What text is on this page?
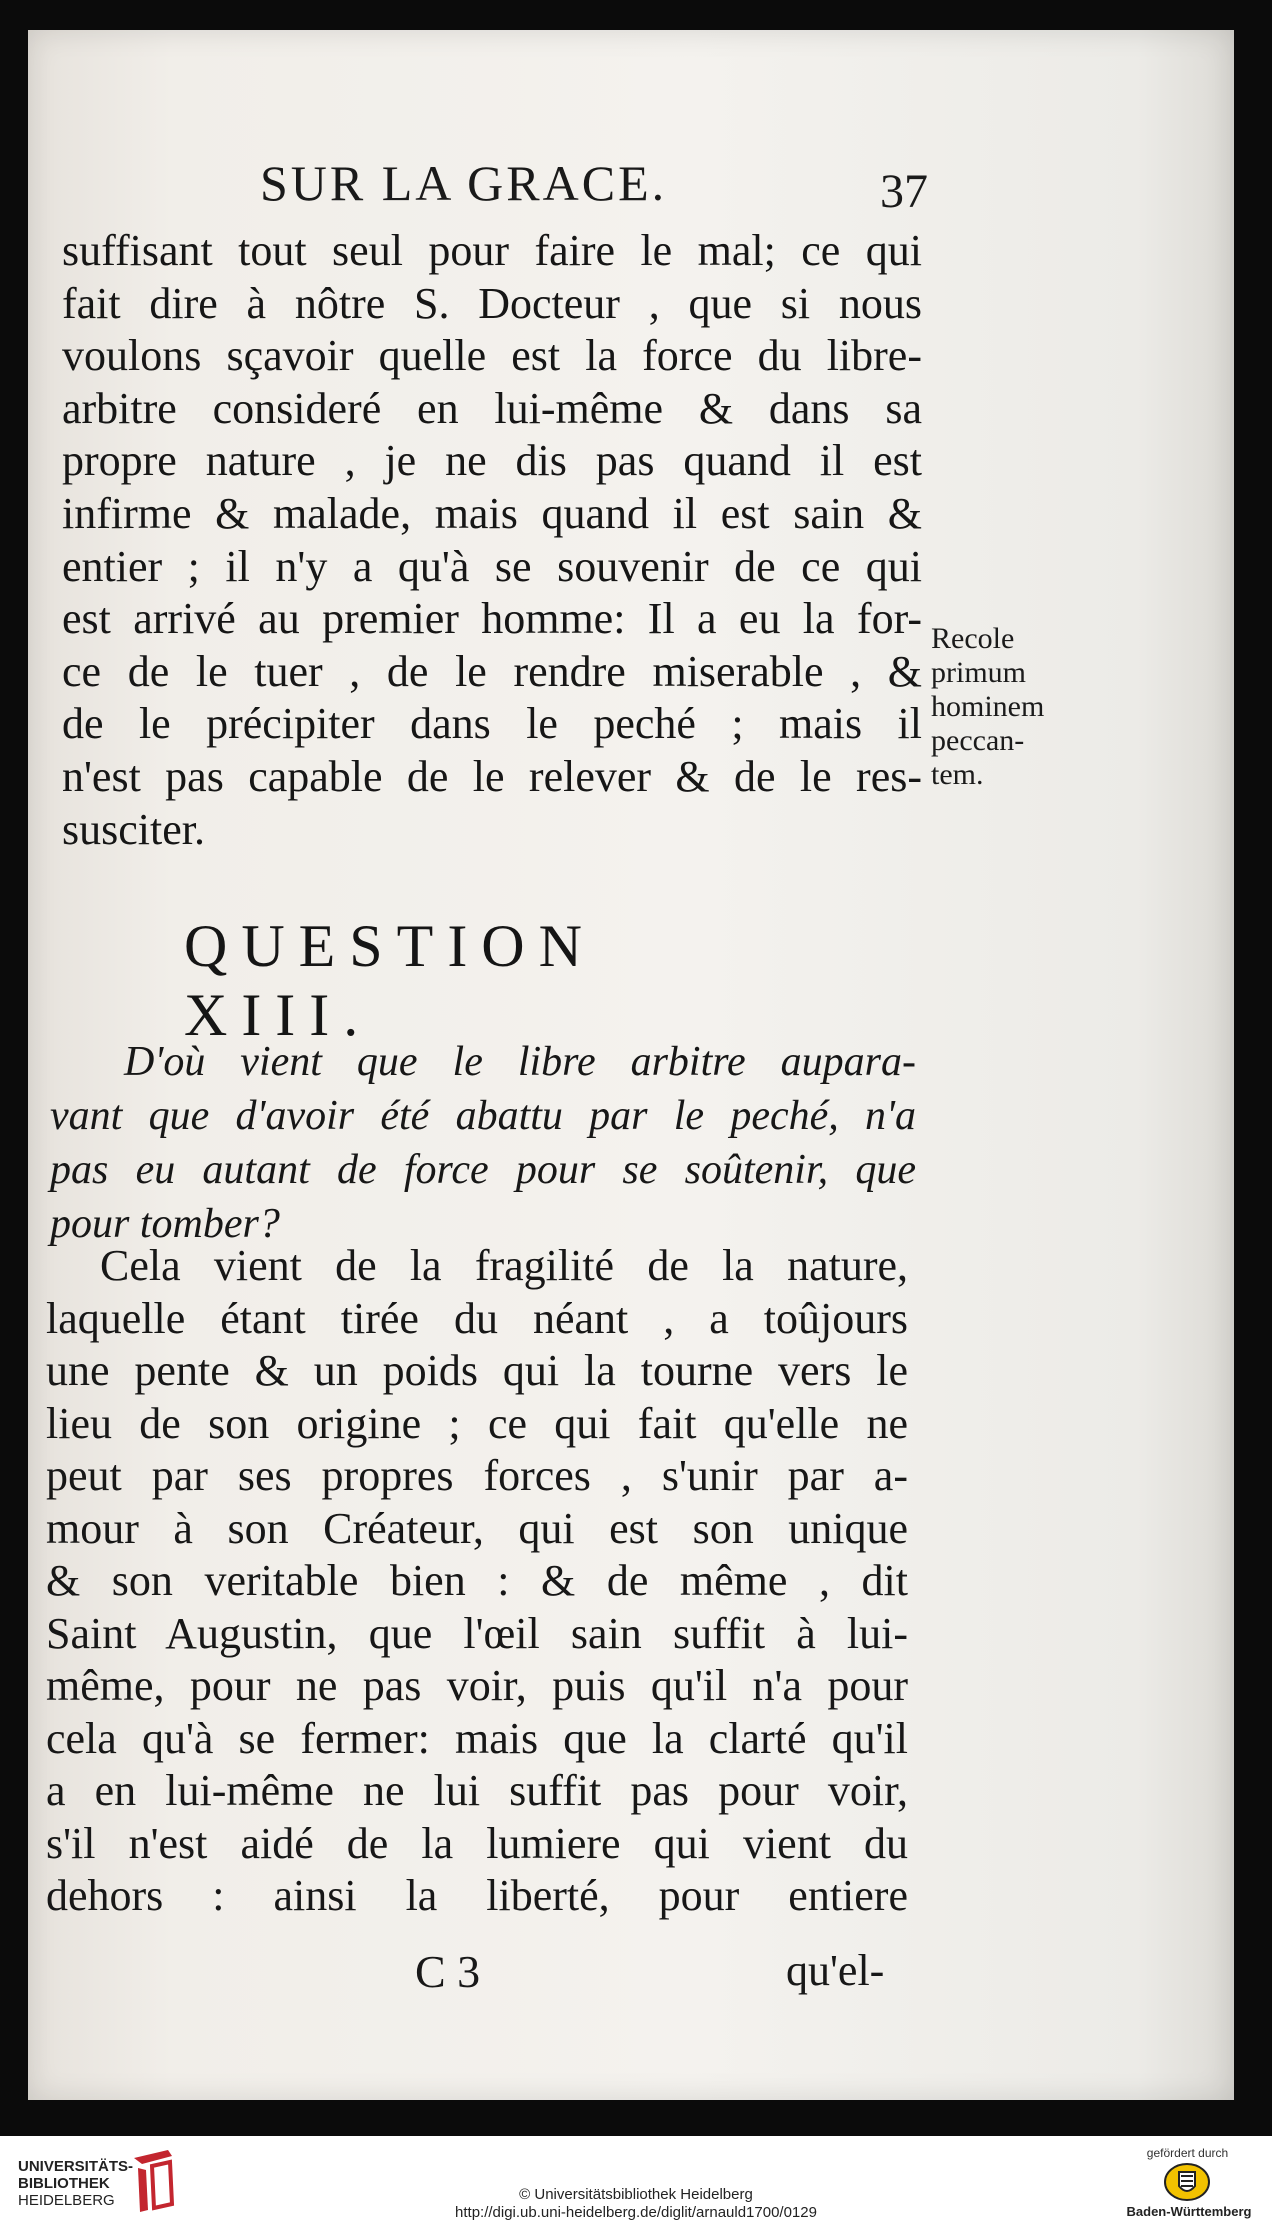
SUR LA GRACE.	37
suffisant tout seul pour faire le mal; ce qui
fait dire à nôtre S. Docteur , que si nous
voulons sçavoir quelle est la force du libre-
arbitre consideré en lui-même & dans sa
propre nature , je ne dis pas quand il est
infirme & malade, mais quand il est sain &
entier ; il n'y a qu'à se souvenir de ce qui
est arrivé au premier homme: Il a eu la for-
ce de le tuer , de le rendre miserable , &
de le précipiter dans le peché ; mais il
n'est pas capable de le relever & de le res-
susciter.
Recole
primum
hominem
peccan-
tem.
QUESTION XIII.
D'où vient que le libre arbitre aupara-
vant que d'avoir été abattu par le peché, n'a
pas eu autant de force pour se soûtenir, que
pour tomber?
Cela vient de la fragilité de la nature,
laquelle étant tirée du néant , a toûjours
une pente & un poids qui la tourne vers le
lieu de son origine ; ce qui fait qu'elle ne
peut par ses propres forces , s'unir par a-
mour à son Créateur, qui est son unique
& son veritable bien : & de même , dit
Saint Augustin, que l'œil sain suffit à lui-
même, pour ne pas voir, puis qu'il n'a pour
cela qu'à se fermer: mais que la clarté qu'il
a en lui-même ne lui suffit pas pour voir,
s'il n'est aidé de la lumiere qui vient du
dehors : ainsi la liberté, pour entiere
C 3	qu'el-
UNIVERSITÄTS-
BIBLIOTHEK
HEIDELBERG	© Universitätsbibliothek Heidelberg
http://digi.ub.uni-heidelberg.de/diglit/arnauld1700/0129
gefördert durch
Baden-Württemberg
